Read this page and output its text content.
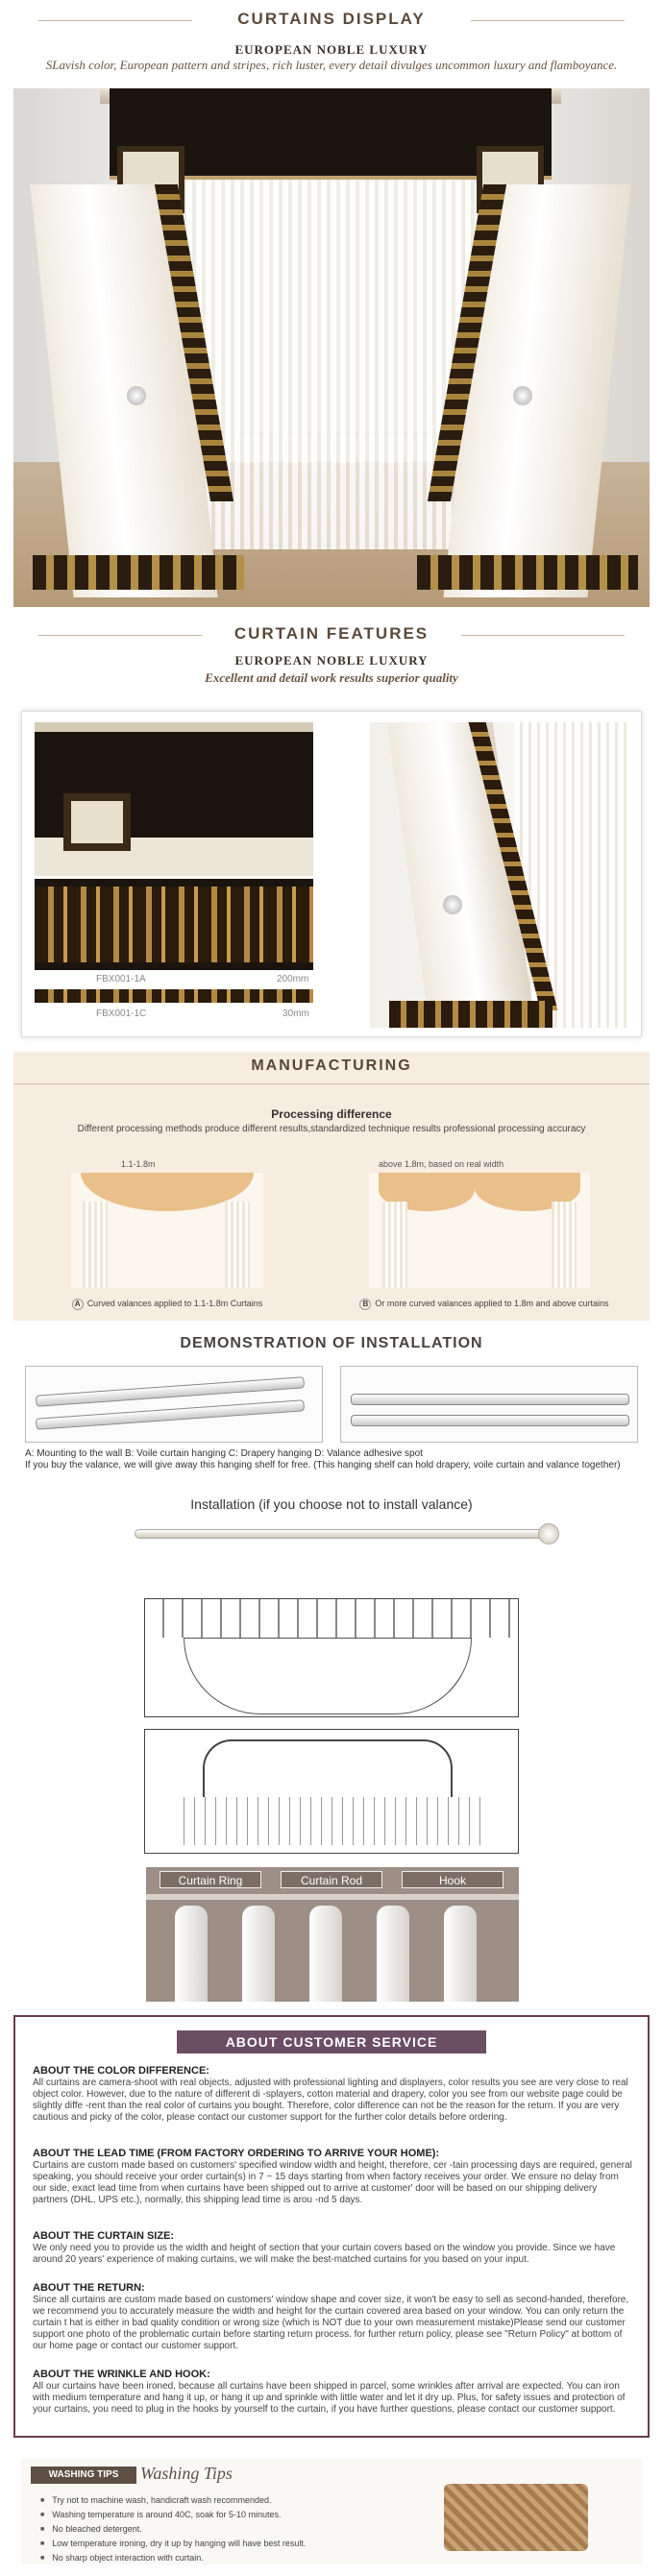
CURTAINS DISPLAY
EUROPEAN NOBLE LUXURY
SLavish color, European pattern and stripes, rich luster, every detail divulges uncommon luxury and flamboyance.
CURTAIN FEATURES
EUROPEAN NOBLE LUXURY
Excellent and detail work results superior quality
FBX001-1A	200mm
FBX001-1C	30mm
MANUFACTURING
Processing difference
Different processing methods produce different results,standardized technique results professional processing accuracy
1.1-1.8m
A Curved valances applied to 1.1-1.8m Curtains
above 1.8m, based on real width
B Or more curved valances applied to 1.8m and above curtains
DEMONSTRATION OF INSTALLATION
A: Mounting to the wall B: Voile curtain hanging C: Drapery hanging D: Valance adhesive spot
If you buy the valance, we will give away this hanging shelf for free. (This hanging shelf can hold drapery, voile curtain and valance together)
Installation (if you choose not to install valance)
Curtain Ring	Curtain Rod	Hook
ABOUT CUSTOMER SERVICE
ABOUT THE COLOR DIFFERENCE:
All curtains are camera-shoot with real objects, adjusted with professional lighting and displayers, color results you see are very close to real object color. However, due to the nature of different di -splayers, cotton material and drapery, color you see from our website page could be slightly diffe -rent than the real color of curtains you bought. Therefore, color difference can not be the reason for the return. If you are very cautious and picky of the color, please contact our customer support for the further color details before ordering.
ABOUT THE LEAD TIME (FROM FACTORY ORDERING TO ARRIVE YOUR HOME):
Curtains are custom made based on customers' specified window width and height, therefore, cer -tain processing days are required, general speaking, you should receive your order curtain(s) in 7 ~ 15 days starting from when factory receives your order. We ensure no delay from our side, exact lead time from when curtains have been shipped out to arrive at customer' door will be based on our shipping delivery partners (DHL, UPS etc.), normally, this shipping lead time is arou -nd 5 days.
ABOUT THE CURTAIN SIZE:
We only need you to provide us the width and height of section that your curtain covers based on the window you provide. Since we have around 20 years' experience of making curtains, we will make the best-matched curtains for you based on your input.
ABOUT THE RETURN:
Since all curtains are custom made based on customers' window shape and cover size, it won't be easy to sell as second-handed, therefore, we recommend you to accurately measure the width and height for the curtain covered area based on your window. You can only return the curtain t hat is either in bad quality condition or wrong size (which is NOT due to your own measurement mistake)Please send our customer support one photo of the problematic curtain before starting return process. for further return policy, please see "Return Policy" at bottom of our home page or contact our customer support.
ABOUT THE WRINKLE AND HOOK:
All our curtains have been ironed, because all curtains have been shipped in parcel, some wrinkles after arrival are expected. You can iron with medium temperature and hang it up, or hang it up and sprinkle with little water and let it dry up. Plus, for safety issues and protection of your curtains, you need to plug in the hooks by yourself to the curtain, if you have further questions, please contact our customer support.
WASHING TIPS	Washing Tips
■ Try not to machine wash, handicraft wash recommended.
■ Washing temperature is around 40C, soak for 5-10 minutes.
■ No bleached detergent.
■ Low temperature ironing, dry it up by hanging will have best result.
■ No sharp object interaction with curtain.
